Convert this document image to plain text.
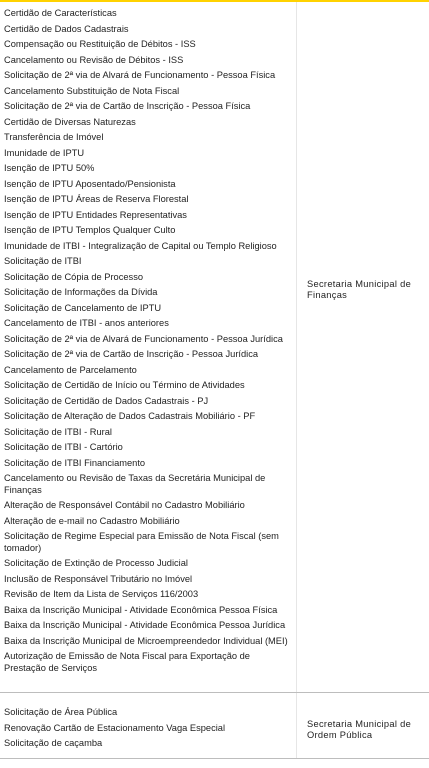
Certidão de Características
Certidão de Dados Cadastrais
Compensação ou Restituição de Débitos - ISS
Cancelamento ou Revisão de Débitos - ISS
Solicitação de 2ª via de Alvará de Funcionamento - Pessoa Física
Cancelamento Substituição de Nota Fiscal
Solicitação de 2ª via de Cartão de Inscrição - Pessoa Física
Certidão de Diversas Naturezas
Transferência de Imóvel
Imunidade de IPTU
Isenção de IPTU 50%
Isenção de IPTU Aposentado/Pensionista
Isenção de IPTU Áreas de Reserva Florestal
Isenção de IPTU Entidades Representativas
Isenção de IPTU Templos Qualquer Culto
Imunidade de ITBI - Integralização de Capital ou Templo Religioso
Solicitação de ITBI
Solicitação de Cópia de Processo
Solicitação de Informações da Dívida
Solicitação de Cancelamento de IPTU
Cancelamento de ITBI - anos anteriores
Solicitação de 2ª via de Alvará de Funcionamento - Pessoa Jurídica
Solicitação de 2ª via de Cartão de Inscrição - Pessoa Jurídica
Cancelamento de Parcelamento
Solicitação de Certidão de Início ou Término de Atividades
Solicitação de Certidão de Dados Cadastrais - PJ
Solicitação de Alteração de Dados Cadastrais Mobiliário - PF
Solicitação de ITBI - Rural
Solicitação de ITBI - Cartório
Solicitação de ITBI Financiamento
Cancelamento ou Revisão de Taxas da Secretária Municipal de Finanças
Alteração de Responsável Contábil no Cadastro Mobiliário
Alteração de e-mail no Cadastro Mobiliário
Solicitação de Regime Especial para Emissão de Nota Fiscal (sem tomador)
Solicitação de Extinção de Processo Judicial
Inclusão de Responsável Tributário no Imóvel
Revisão de Item da Lista de Serviços 116/2003
Baixa da Inscrição Municipal - Atividade Econômica Pessoa Física
Baixa da Inscrição Municipal - Atividade Econômica Pessoa Jurídica
Baixa da Inscrição Municipal de Microempreendedor Individual (MEI)
Autorização de Emissão de Nota Fiscal para Exportação de Prestação de Serviços
Secretaria Municipal de Finanças
Solicitação de Área Pública
Renovação Cartão de Estacionamento Vaga Especial
Solicitação de caçamba
Secretaria Municipal de Ordem Pública
